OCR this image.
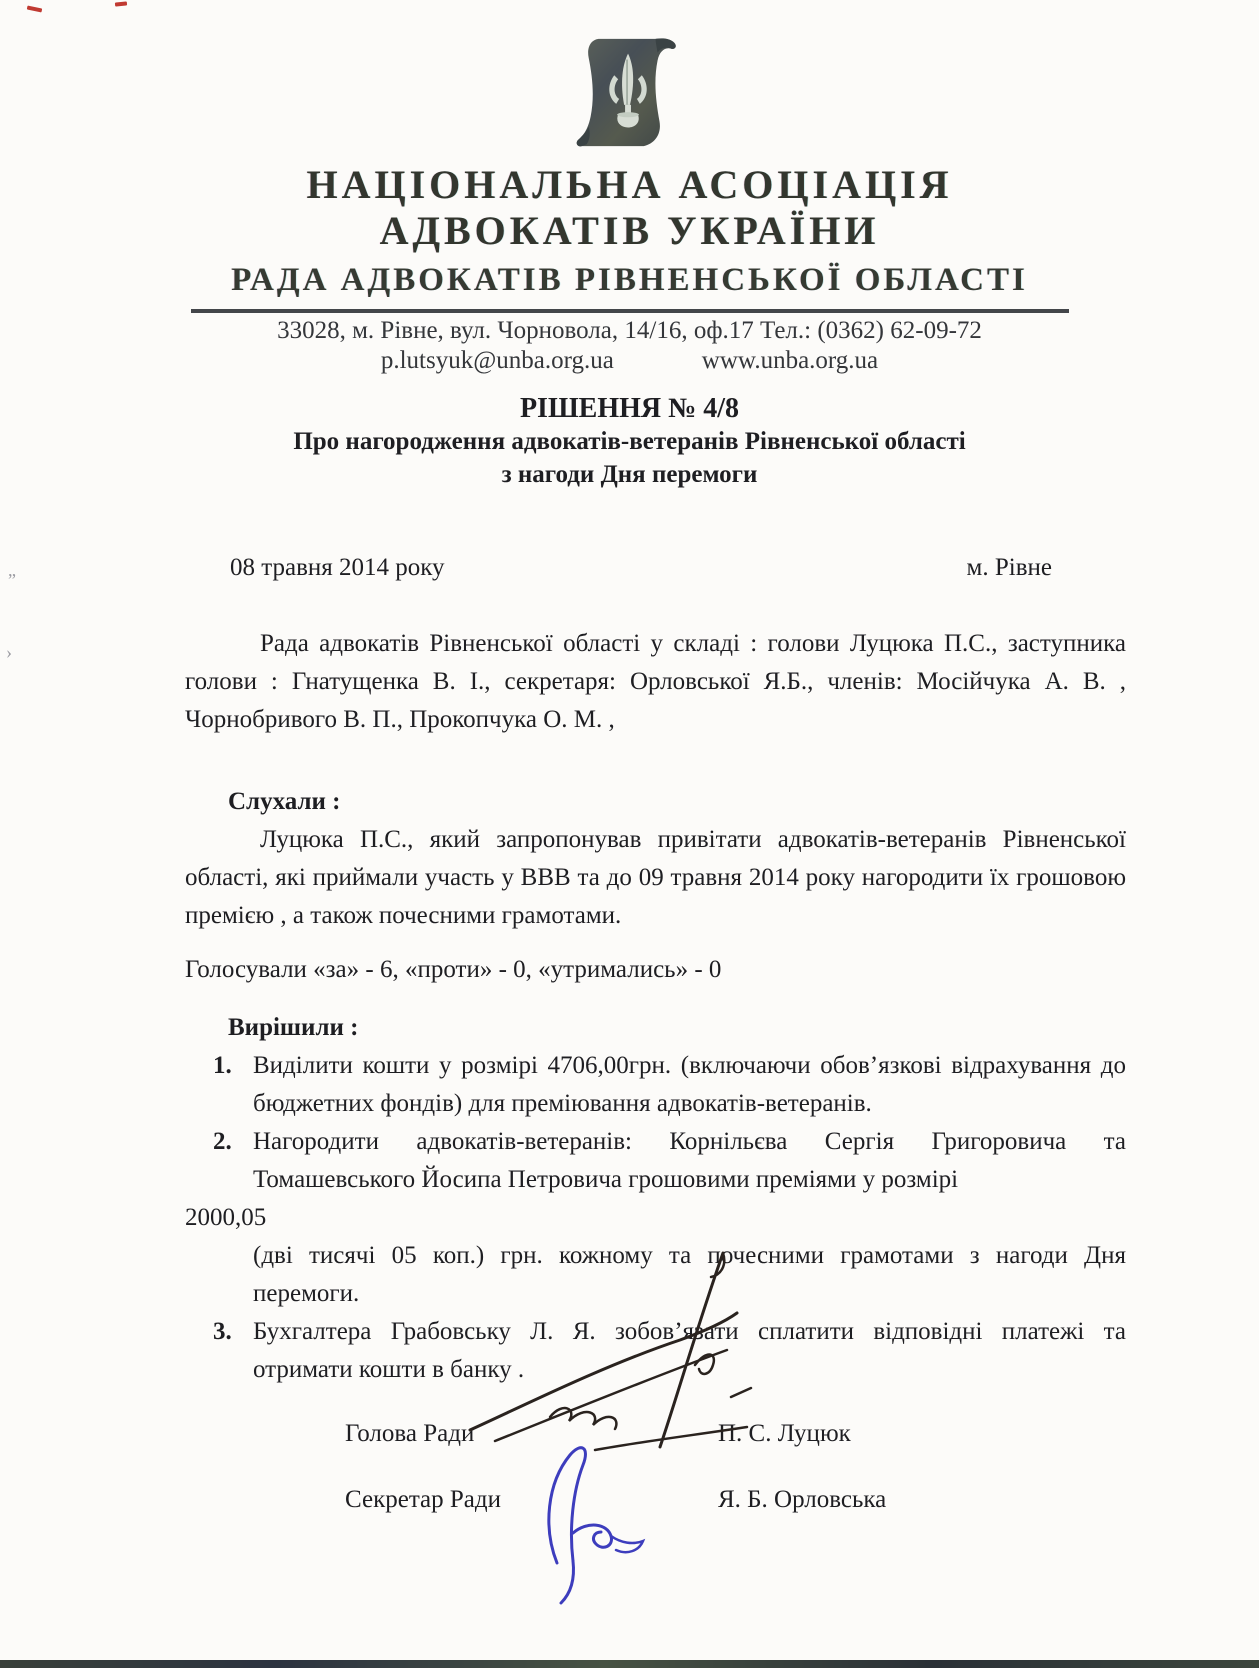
„
›
НАЦІОНАЛЬНА АСОЦІАЦІЯ
АДВОКАТІВ УКРАЇНИ
РАДА АДВОКАТІВ РІВНЕНСЬКОЇ ОБЛАСТІ
33028, м. Рівне, вул. Чорновола, 14/16, оф.17 Тел.: (0362) 62-09-72
p.lutsyuk@unba.org.ua	www.unba.org.ua
РІШЕННЯ № 4/8
Про нагородження адвокатів-ветеранів Рівненської області
з нагоди Дня перемоги
08 травня 2014 року	м. Рівне

Рада адвокатів Рівненської області у складі : голови Луцюка П.С., заступника голови : Гнатущенка В. І., секретаря: Орловської Я.Б., членів: Мосійчука А. В. , Чорнобривого В. П., Прокопчука О. М. ,

Слухали :

Луцюка П.С., який запропонував привітати адвокатів-ветеранів Рівненської області, які приймали участь у ВВВ та до 09 травня 2014 року нагородити їх грошовою премією , а також почесними грамотами.

Голосували «за» - 6, «проти» - 0, «утримались» - 0
Вирішили :
1. Виділити кошти у розмірі 4706,00грн. (включаючи обов’язкові відрахування до бюджетних фондів) для преміювання адвокатів-ветеранів.
2. Нагородити адвокатів-ветеранів: Корнільєва Сергія Григоровича та Томашевського Йосипа Петровича грошовими преміями у розмірі
2000,05
(дві тисячі 05 коп.) грн. кожному та почесними грамотами з нагоди Дня перемоги.
3. Бухгалтера Грабовську Л. Я. зобов’язати сплатити відповідні платежі та отримати кошти в банку .
Голова Ради	П. С. Луцюк
Секретар Ради	Я. Б. Орловська
